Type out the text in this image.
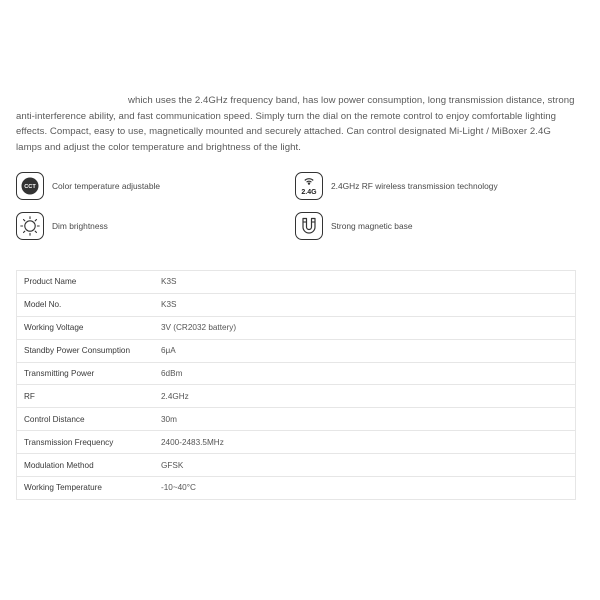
which uses the 2.4GHz frequency band, has low power consumption, long transmission distance, strong anti-interference ability, and fast communication speed. Simply turn the dial on the remote control to enjoy comfortable lighting effects. Compact, easy to use, magnetically mounted and securely attached. Can control designated Mi-Light / MiBoxer 2.4G lamps and adjust the color temperature and brightness of the light.
CCT Color temperature adjustable
2.4G
2.4GHz RF wireless transmission technology
Dim brightness	Strong magnetic base
Product Name	K3S
Model No.	K3S
Working Voltage	3V (CR2032 battery)
Standby Power Consumption	6μA
Transmitting Power	6dBm
RF	2.4GHz
Control Distance	30m
Transmission Frequency	2400-2483.5MHz
Modulation Method	GFSK
Working Temperature	-10~40°C
